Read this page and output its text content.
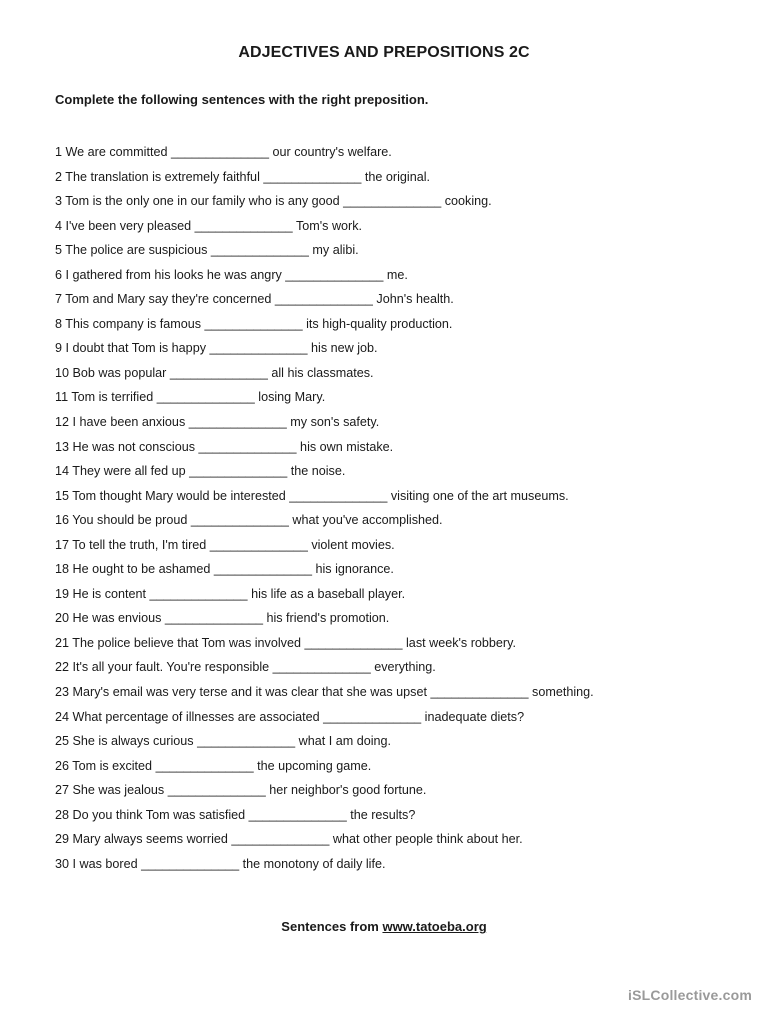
ADJECTIVES AND PREPOSITIONS 2C
Complete the following sentences with the right preposition.
1 We are committed ______________ our country's welfare.
2 The translation is extremely faithful ______________ the original.
3 Tom is the only one in our family who is any good ______________ cooking.
4 I've been very pleased ______________ Tom's work.
5 The police are suspicious ______________ my alibi.
6 I gathered from his looks he was angry ______________ me.
7 Tom and Mary say they're concerned ______________ John's health.
8 This company is famous ______________ its high-quality production.
9 I doubt that Tom is happy ______________ his new job.
10 Bob was popular ______________ all his classmates.
11 Tom is terrified ______________ losing Mary.
12 I have been anxious ______________ my son's safety.
13 He was not conscious ______________ his own mistake.
14 They were all fed up ______________ the noise.
15 Tom thought Mary would be interested ______________ visiting one of the art museums.
16 You should be proud ______________ what you've accomplished.
17 To tell the truth, I'm tired ______________ violent movies.
18 He ought to be ashamed ______________ his ignorance.
19 He is content ______________ his life as a baseball player.
20 He was envious ______________ his friend's promotion.
21 The police believe that Tom was involved ______________ last week's robbery.
22 It's all your fault. You're responsible ______________ everything.
23 Mary's email was very terse and it was clear that she was upset ______________ something.
24 What percentage of illnesses are associated ______________ inadequate diets?
25 She is always curious ______________ what I am doing.
26 Tom is excited ______________ the upcoming game.
27 She was jealous ______________ her neighbor's good fortune.
28 Do you think Tom was satisfied ______________ the results?
29 Mary always seems worried ______________ what other people think about her.
30 I was bored ______________ the monotony of daily life.
Sentences from www.tatoeba.org
iSLCollective.com
